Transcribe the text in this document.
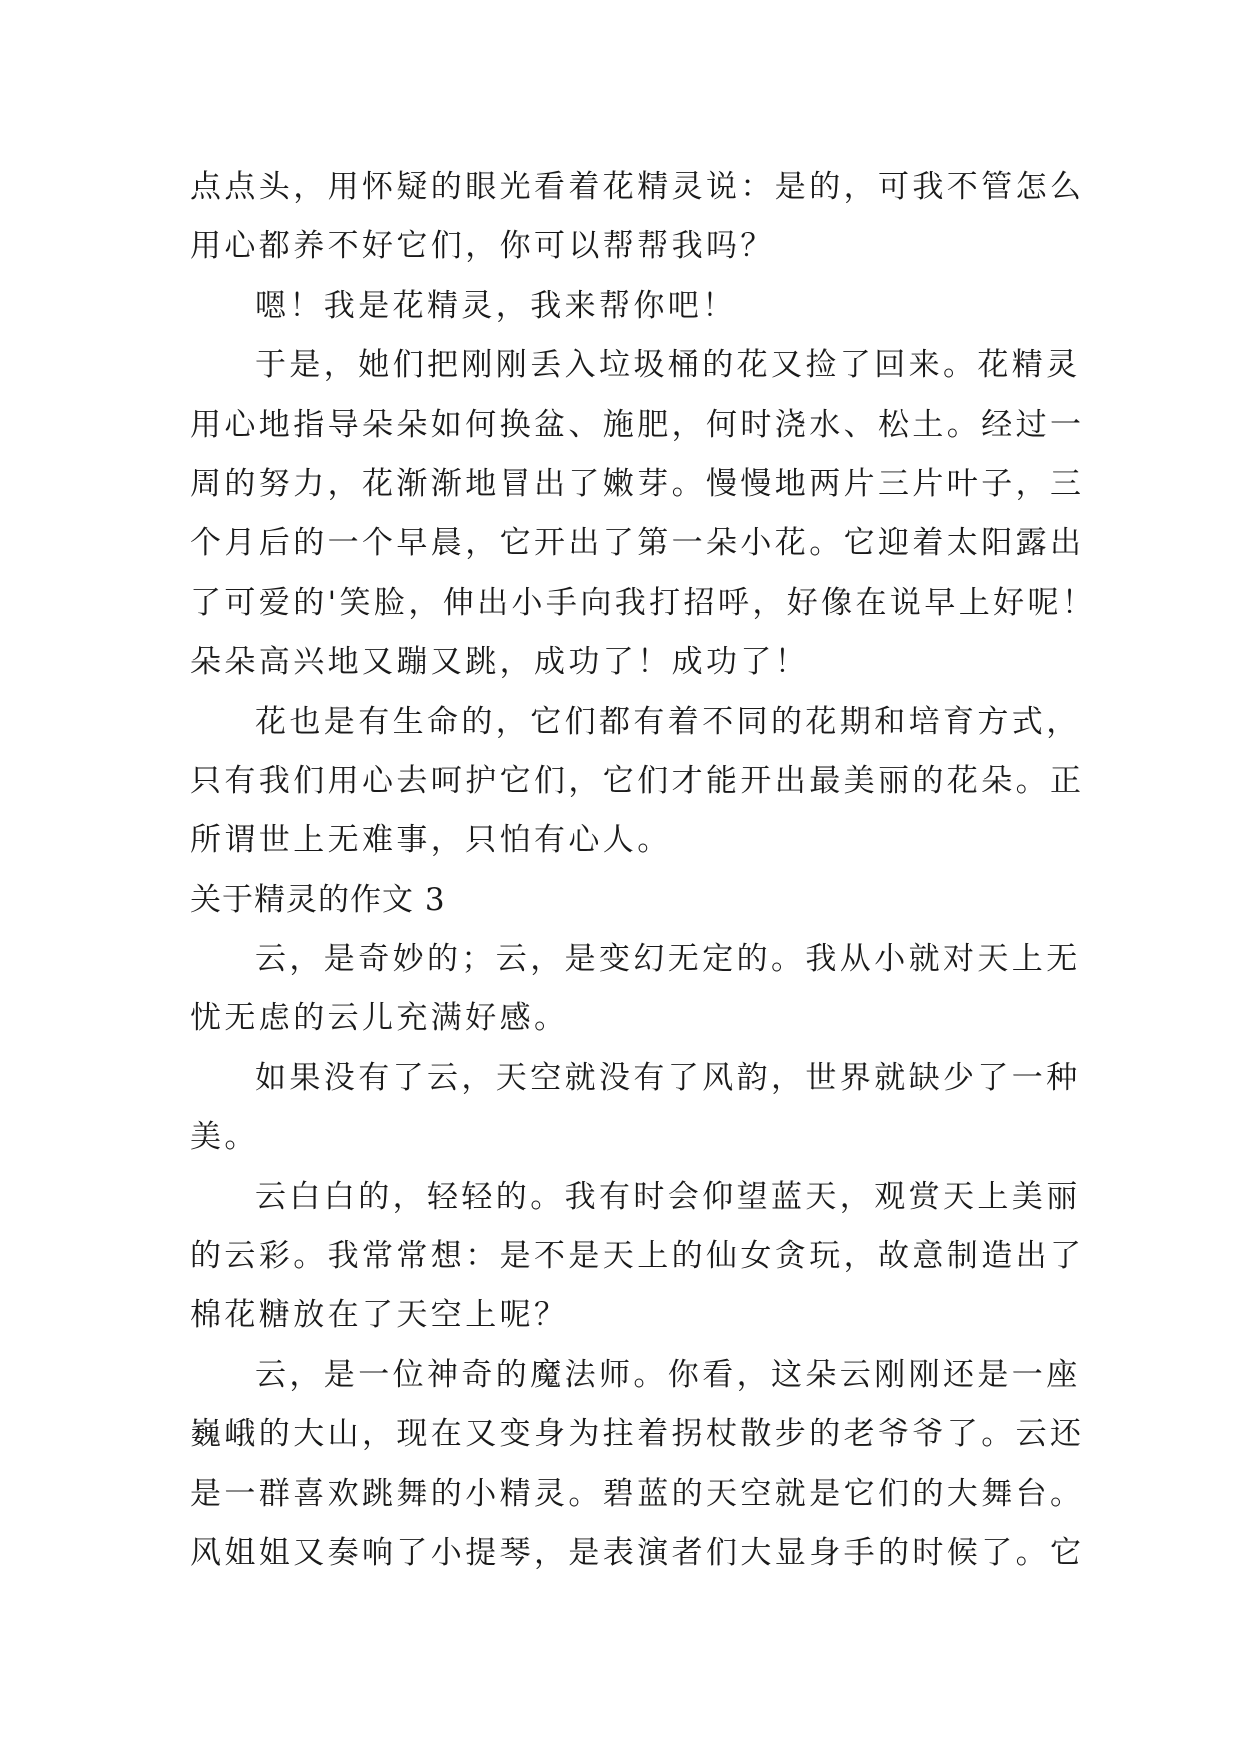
点点头，用怀疑的眼光看着花精灵说：是的，可我不管怎么
用心都养不好它们，你可以帮帮我吗？
嗯！我是花精灵，我来帮你吧！
于是，她们把刚刚丢入垃圾桶的花又捡了回来。花精灵
用心地指导朵朵如何换盆、施肥，何时浇水、松土。经过一
周的努力，花渐渐地冒出了嫩芽。慢慢地两片三片叶子，三
个月后的一个早晨，它开出了第一朵小花。它迎着太阳露出
了可爱的'笑脸，伸出小手向我打招呼，好像在说早上好呢！
朵朵高兴地又蹦又跳，成功了！成功了！
花也是有生命的，它们都有着不同的花期和培育方式，
只有我们用心去呵护它们，它们才能开出最美丽的花朵。正
所谓世上无难事，只怕有心人。
关于精灵的作文 3
云，是奇妙的；云，是变幻无定的。我从小就对天上无
忧无虑的云儿充满好感。
如果没有了云，天空就没有了风韵，世界就缺少了一种
美。
云白白的，轻轻的。我有时会仰望蓝天，观赏天上美丽
的云彩。我常常想：是不是天上的仙女贪玩，故意制造出了
棉花糖放在了天空上呢？
云，是一位神奇的魔法师。你看，这朵云刚刚还是一座
巍峨的大山，现在又变身为拄着拐杖散步的老爷爷了。云还
是一群喜欢跳舞的小精灵。碧蓝的天空就是它们的大舞台。
风姐姐又奏响了小提琴，是表演者们大显身手的时候了。它
